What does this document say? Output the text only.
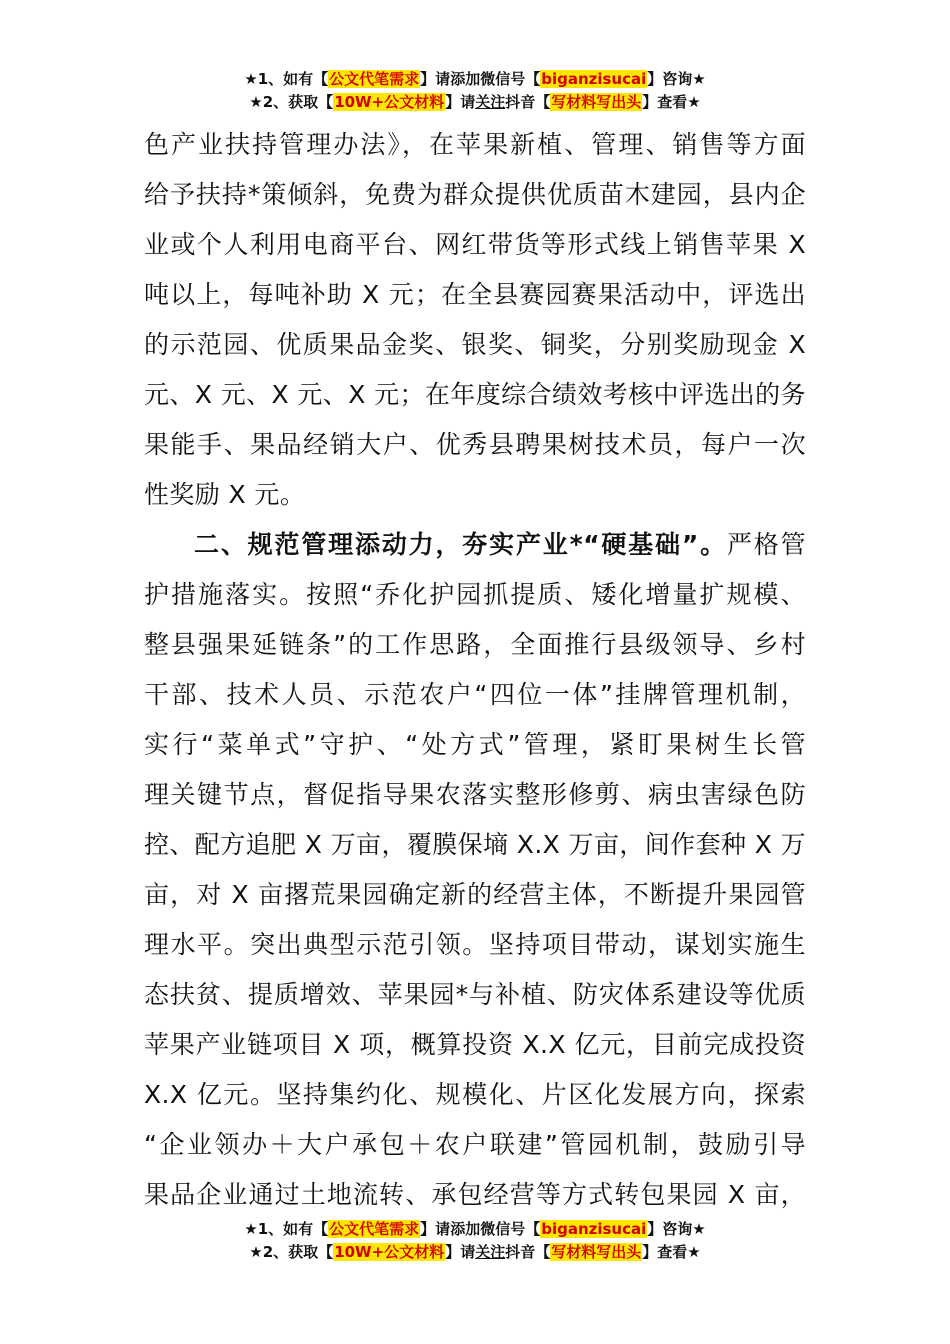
★1、如有【公文代笔需求】请添加微信号【biganzisucai】咨询★
★2、获取【10W+公文材料】请关注抖音【写材料写出头】查看★
色产业扶持管理办法》，在苹果新植、管理、销售等方面
给予扶持*策倾斜，免费为群众提供优质苗木建园，县内企
业或个人利用电商平台、网红带货等形式线上销售苹果 X
吨以上，每吨补助 X 元；在全县赛园赛果活动中，评选出
的示范园、优质果品金奖、银奖、铜奖，分别奖励现金 X
元、X 元、X 元、X 元；在年度综合绩效考核中评选出的务
果能手、果品经销大户、优秀县聘果树技术员，每户一次
性奖励 X 元。
二、规范管理添动力，夯实产业*“硬基础”。严格管
护措施落实。按照“乔化护园抓提质、矮化增量扩规模、
整县强果延链条”的工作思路，全面推行县级领导、乡村
干部、技术人员、示范农户“四位一体”挂牌管理机制，
实行“菜单式”守护、“处方式”管理，紧盯果树生长管
理关键节点，督促指导果农落实整形修剪、病虫害绿色防
控、配方追肥 X 万亩，覆膜保墒 X.X 万亩，间作套种 X 万
亩，对 X 亩撂荒果园确定新的经营主体，不断提升果园管
理水平。突出典型示范引领。坚持项目带动，谋划实施生
态扶贫、提质增效、苹果园*与补植、防灾体系建设等优质
苹果产业链项目 X 项，概算投资 X.X 亿元，目前完成投资
X.X 亿元。坚持集约化、规模化、片区化发展方向，探索
“企业领办＋大户承包＋农户联建”管园机制，鼓励引导
果品企业通过土地流转、承包经营等方式转包果园 X 亩，
★1、如有【公文代笔需求】请添加微信号【biganzisucai】咨询★
★2、获取【10W+公文材料】请关注抖音【写材料写出头】查看★
